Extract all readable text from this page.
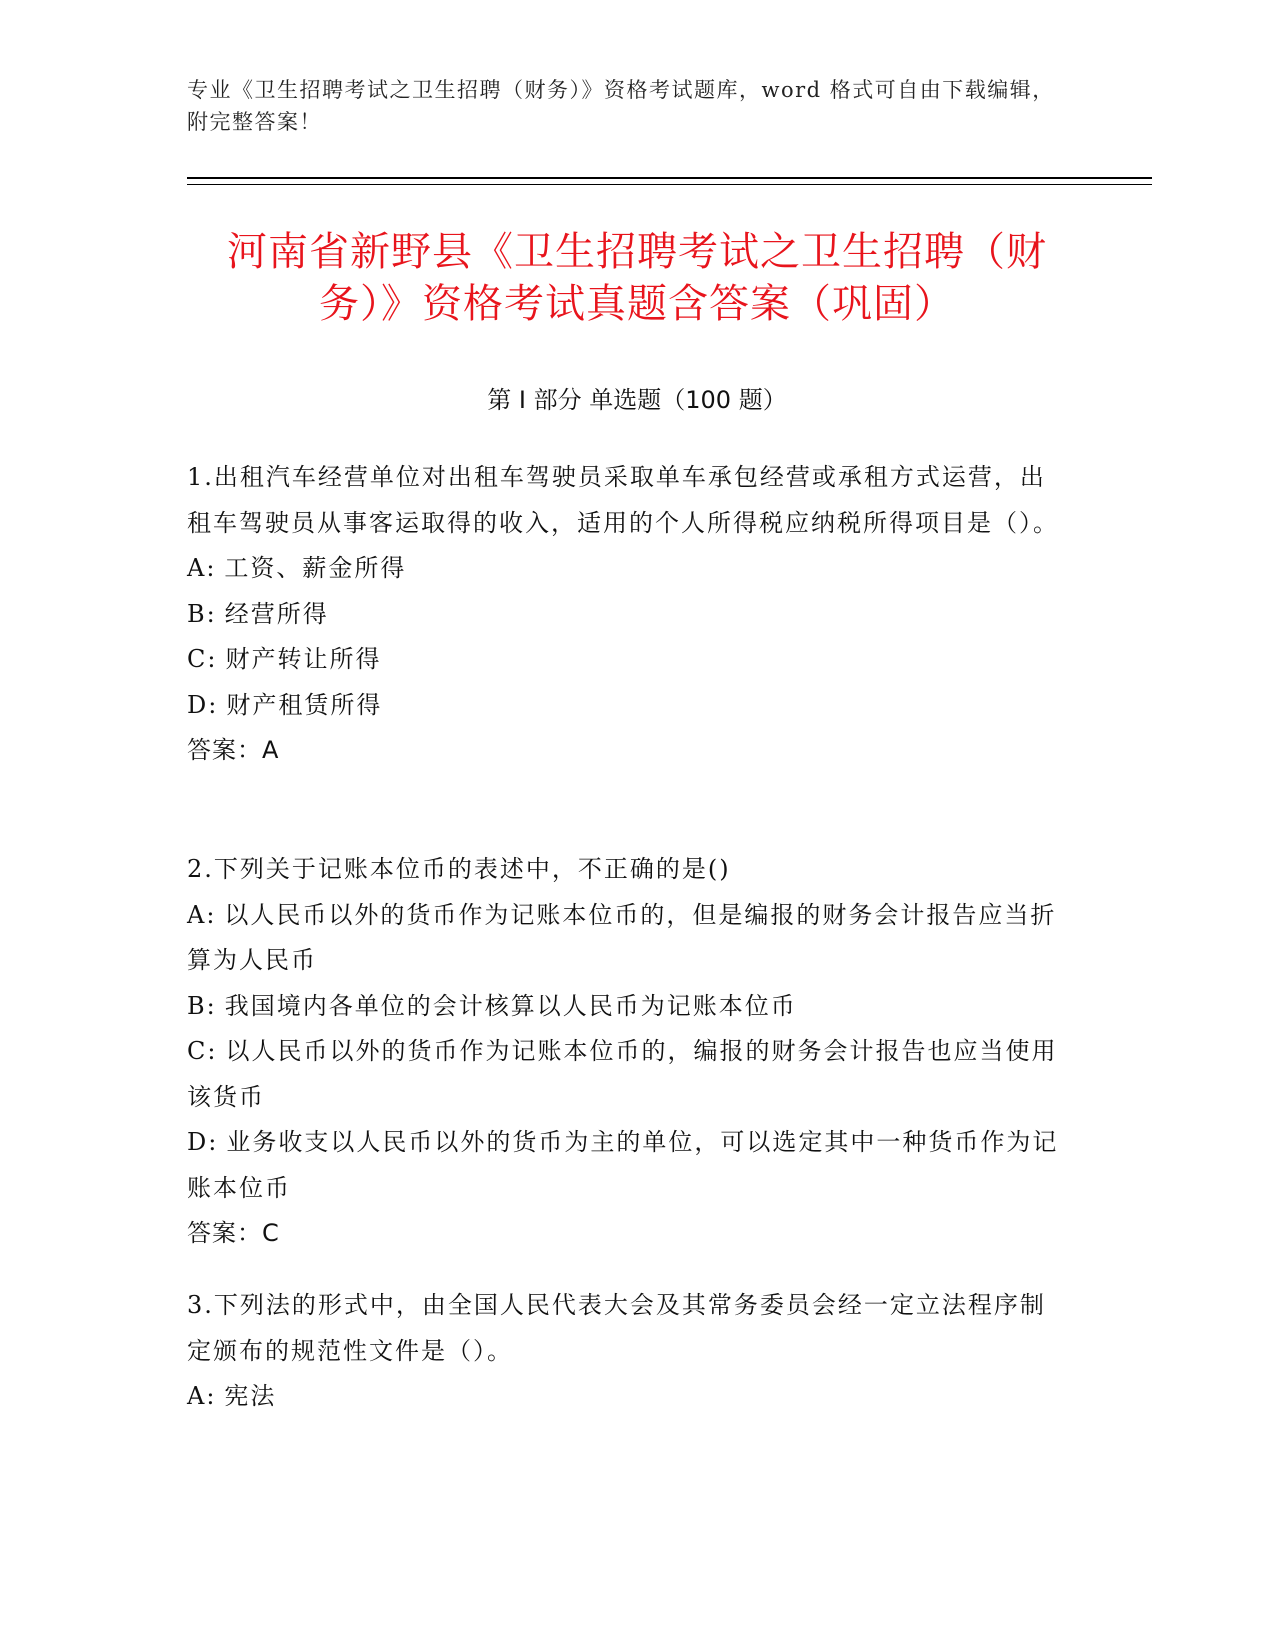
专业《卫生招聘考试之卫生招聘（财务）》资格考试题库，word 格式可自由下载编辑，附完整答案！
河南省新野县《卫生招聘考试之卫生招聘（财务）》资格考试真题含答案（巩固）
第 I 部分 单选题（100 题）
1.出租汽车经营单位对出租车驾驶员采取单车承包经营或承租方式运营，出租车驾驶员从事客运取得的收入，适用的个人所得税应纳税所得项目是（）。
A: 工资、薪金所得
B: 经营所得
C: 财产转让所得
D: 财产租赁所得
答案：A
2.下列关于记账本位币的表述中，不正确的是()
A: 以人民币以外的货币作为记账本位币的，但是编报的财务会计报告应当折算为人民币
B: 我国境内各单位的会计核算以人民币为记账本位币
C: 以人民币以外的货币作为记账本位币的，编报的财务会计报告也应当使用该货币
D: 业务收支以人民币以外的货币为主的单位，可以选定其中一种货币作为记账本位币
答案：C
3.下列法的形式中，由全国人民代表大会及其常务委员会经一定立法程序制定颁布的规范性文件是（）。
A: 宪法
